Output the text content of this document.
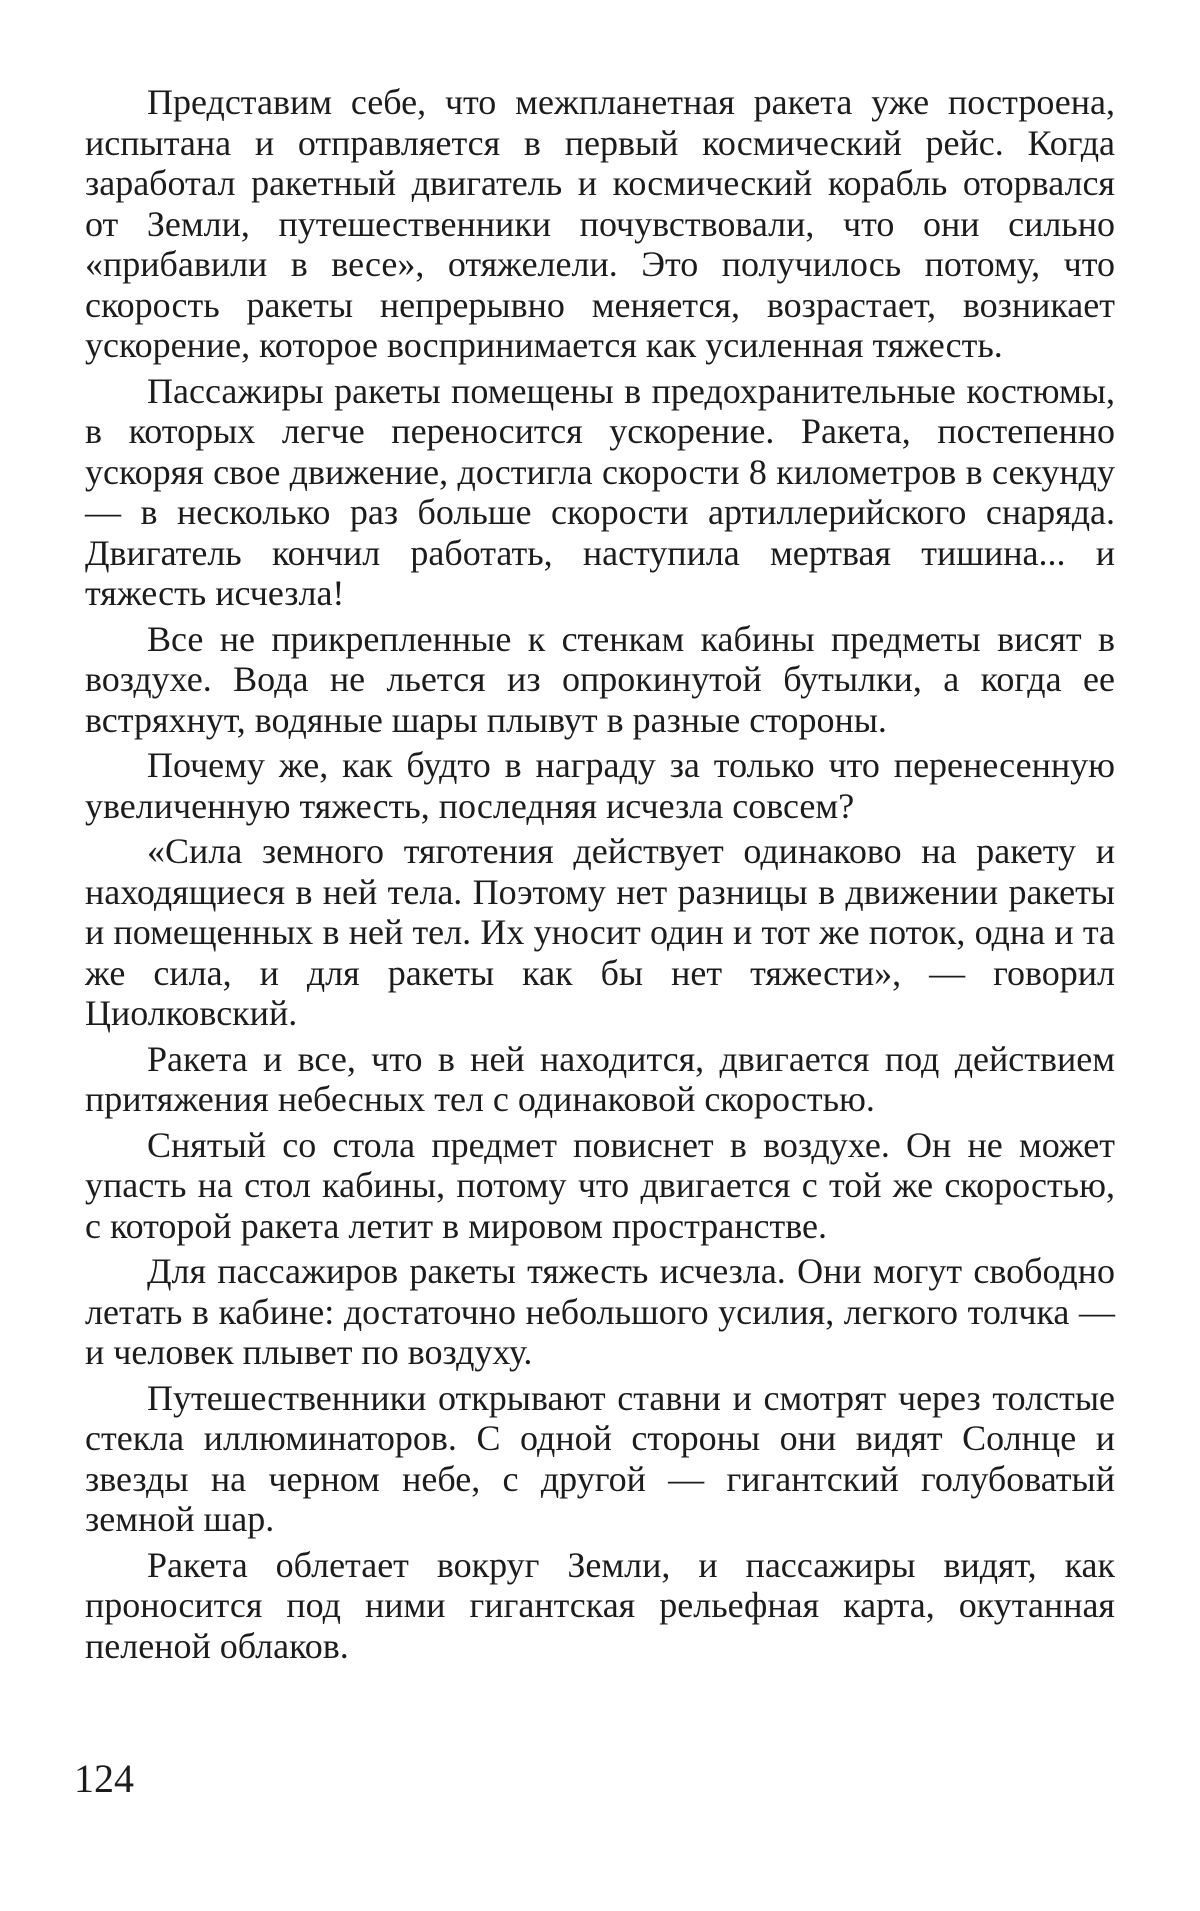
Представим себе, что межпланетная ракета уже построена, испытана и отправляется в первый космический рейс. Когда заработал ракетный двигатель и космический корабль оторвался от Земли, путешественники почувствовали, что они сильно «прибавили в весе», отяжелели. Это получилось потому, что скорость ракеты непрерывно меняется, возрастает, возникает ускорение, которое воспринимается как усиленная тяжесть.

Пассажиры ракеты помещены в предохранительные костюмы, в которых легче переносится ускорение. Ракета, постепенно ускоряя свое движение, достигла скорости 8 километров в секунду — в несколько раз больше скорости артиллерийского снаряда. Двигатель кончил работать, наступила мертвая тишина... и тяжесть исчезла!

Все не прикрепленные к стенкам кабины предметы висят в воздухе. Вода не льется из опрокинутой бутылки, а когда ее встряхнут, водяные шары плывут в разные стороны.

Почему же, как будто в награду за только что перенесенную увеличенную тяжесть, последняя исчезла совсем?

«Сила земного тяготения действует одинаково на ракету и находящиеся в ней тела. Поэтому нет разницы в движении ракеты и помещенных в ней тел. Их уносит один и тот же поток, одна и та же сила, и для ракеты как бы нет тяжести», — говорил Циолковский.

Ракета и все, что в ней находится, двигается под действием притяжения небесных тел с одинаковой скоростью.

Снятый со стола предмет повиснет в воздухе. Он не может упасть на стол кабины, потому что двигается с той же скоростью, с которой ракета летит в мировом пространстве.

Для пассажиров ракеты тяжесть исчезла. Они могут свободно летать в кабине: достаточно небольшого усилия, легкого толчка — и человек плывет по воздуху.

Путешественники открывают ставни и смотрят через толстые стекла иллюминаторов. С одной стороны они видят Солнце и звезды на черном небе, с другой — гигантский голубоватый земной шар.

Ракета облетает вокруг Земли, и пассажиры видят, как проносится под ними гигантская рельефная карта, окутанная пеленой облаков.

124
